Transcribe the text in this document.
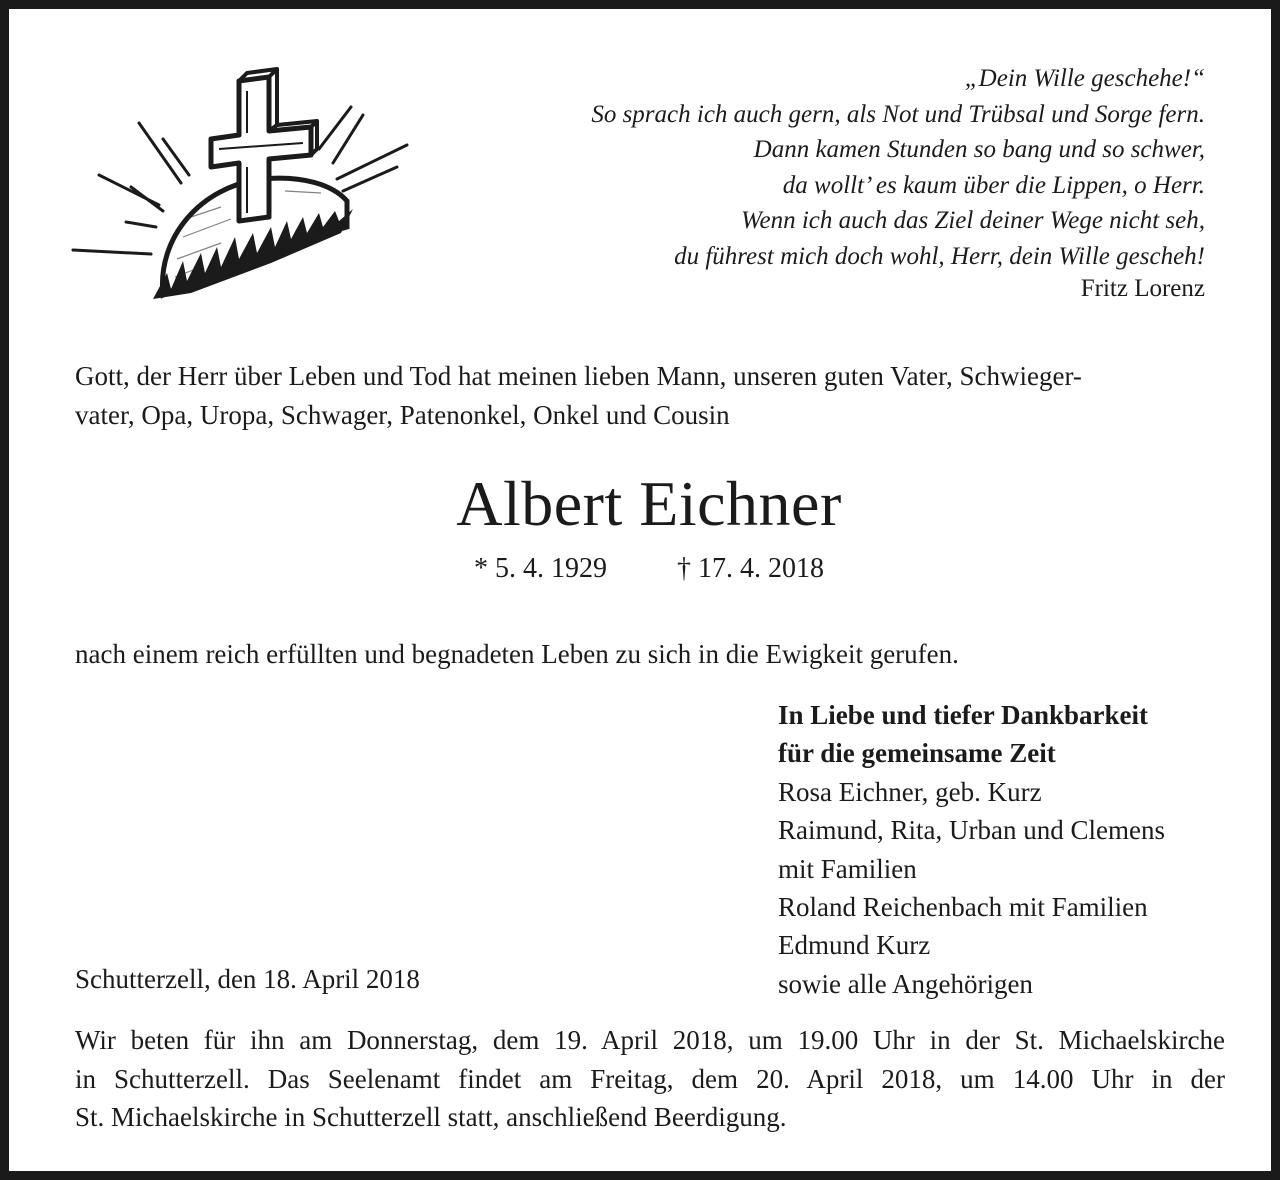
„Dein Wille geschehe!“
So sprach ich auch gern, als Not und Trübsal und Sorge fern.
Dann kamen Stunden so bang und so schwer,
da wollt’ es kaum über die Lippen, o Herr.
Wenn ich auch das Ziel deiner Wege nicht seh,
du führest mich doch wohl, Herr, dein Wille gescheh!
Fritz Lorenz
Gott, der Herr über Leben und Tod hat meinen lieben Mann, unseren guten Vater, Schwieger-
vater, Opa, Uropa, Schwager, Patenonkel, Onkel und Cousin
Albert Eichner
* 5. 4. 1929	† 17. 4. 2018
nach einem reich erfüllten und begnadeten Leben zu sich in die Ewigkeit gerufen.
In Liebe und tiefer Dankbarkeit
für die gemeinsame Zeit
Rosa Eichner, geb. Kurz
Raimund, Rita, Urban und Clemens
mit Familien
Roland Reichenbach mit Familien
Edmund Kurz
sowie alle Angehörigen
Schutterzell, den 18. April 2018
Wir beten für ihn am Donnerstag, dem 19. April 2018, um 19.00 Uhr in der St. Michaelskirche
in Schutterzell. Das Seelenamt findet am Freitag, dem 20. April 2018, um 14.00 Uhr in der
St. Michaelskirche in Schutterzell statt, anschließend Beerdigung.
